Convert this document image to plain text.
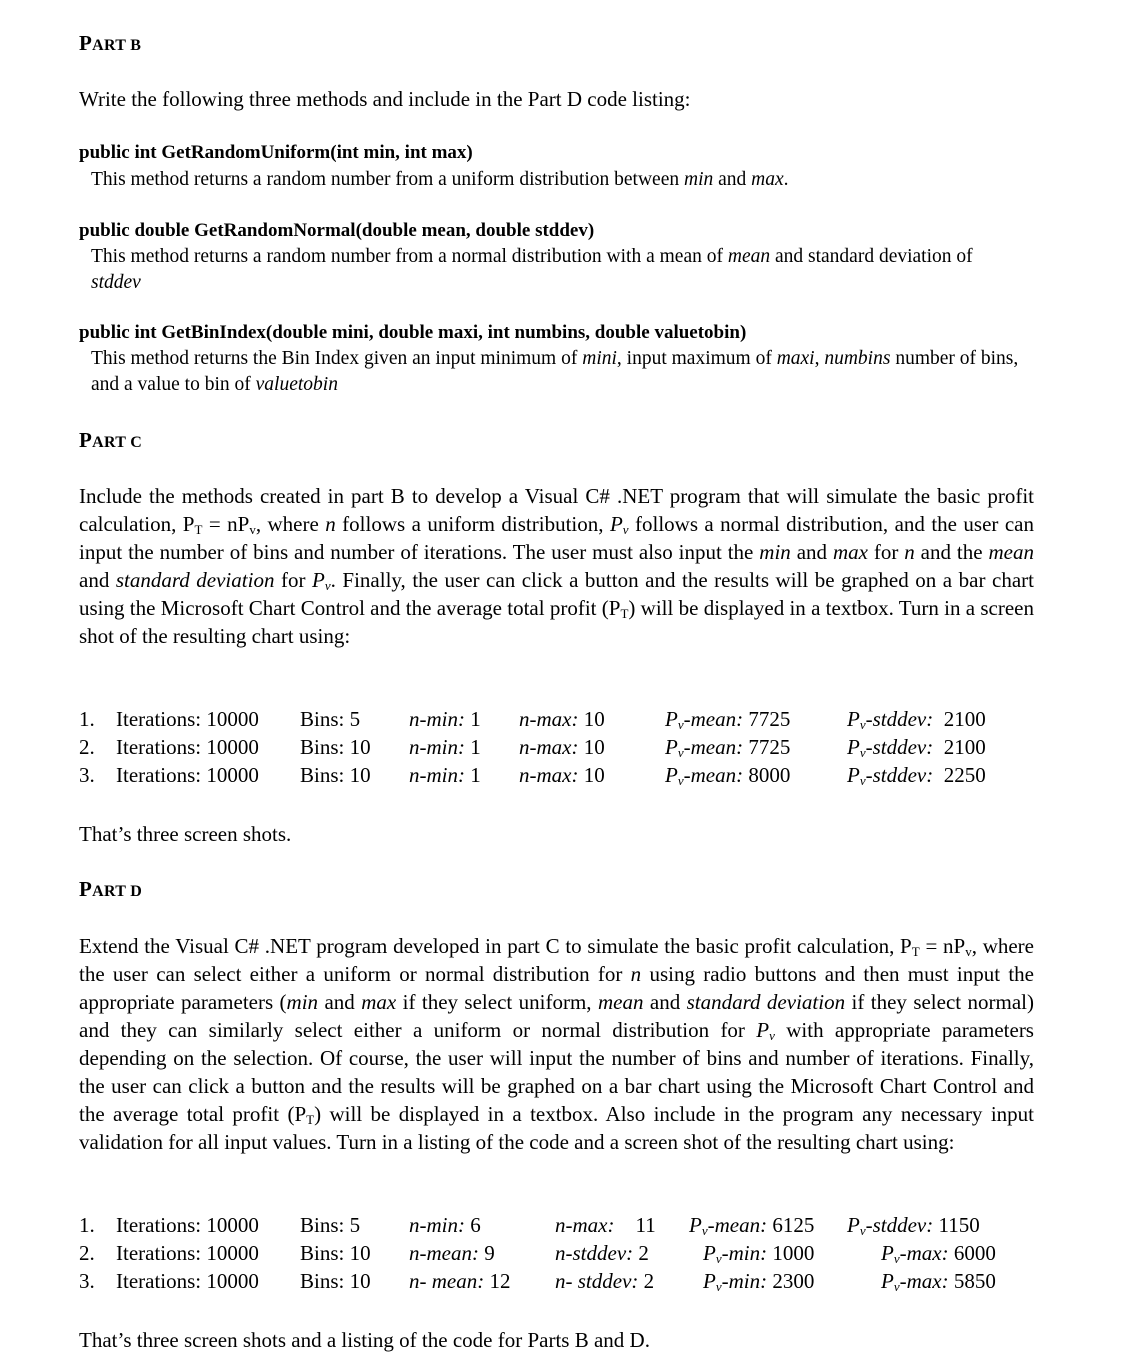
PART B
Write the following three methods and include in the Part D code listing:
public int GetRandomUniform(int min, int max)
This method returns a random number from a uniform distribution between min and max.
public double GetRandomNormal(double mean, double stddev)
This method returns a random number from a normal distribution with a mean of mean and standard deviation of stddev
public int GetBinIndex(double mini, double maxi, int numbins, double valuetobin)
This method returns the Bin Index given an input minimum of mini, input maximum of maxi, numbins number of bins, and a value to bin of valuetobin
PART C
Include the methods created in part B to develop a Visual C# .NET program that will simulate the basic profit calculation, $P_T = nP_v$, where n follows a uniform distribution, $P_v$ follows a normal distribution, and the user can input the number of bins and number of iterations. The user must also input the min and max for n and the mean and standard deviation for $P_v$. Finally, the user can click a button and the results will be graphed on a bar chart using the Microsoft Chart Control and the average total profit $(P_T)$ will be displayed in a textbox. Turn in a screen shot of the resulting chart using:
1. Iterations: 10000 Bins: 5 n-min: 1 n-max: 10	$P_v$-mean: 7725	$P_v$-stddev: 2100
2. Iterations: 10000 Bins: 10 n-min: 1 n-max: 10	$P_v$-mean: 7725	$P_v$-stddev: 2100
3. Iterations: 10000 Bins: 10 n-min: 1 n-max: 10	$P_v$-mean: 8000	$P_v$-stddev: 2250
That’s three screen shots.
PART D
Extend the Visual C# .NET program developed in part C to simulate the basic profit calculation, $P_T = nP_v$, where the user can select either a uniform or normal distribution for n using radio buttons and then must input the appropriate parameters (min and max if they select uniform, mean and standard deviation if they select normal) and they can similarly select either a uniform or normal distribution for $P_v$ with appropriate parameters depending on the selection. Of course, the user will input the number of bins and number of iterations. Finally, the user can click a button and the results will be graphed on a bar chart using the Microsoft Chart Control and the average total profit $(P_T)$ will be displayed in a textbox. Also include in the program any necessary input validation for all input values. Turn in a listing of the code and a screen shot of the resulting chart using:
1. Iterations: 10000 Bins: 5 n-min: 6	n-max: 11 $P_v$-mean: 6125 $P_v$-stddev: 1150
2. Iterations: 10000 Bins: 10 n-mean: 9	n-stddev: 2	$P_v-\min$: 1000	$P_v-\max$: 6000
3. Iterations: 10000 Bins: 10 n- mean: 12 n- stddev: 2 $P_v-\min$: 2300	$P_v-\max$: 5850
That’s three screen shots and a listing of the code for Parts B and D.
